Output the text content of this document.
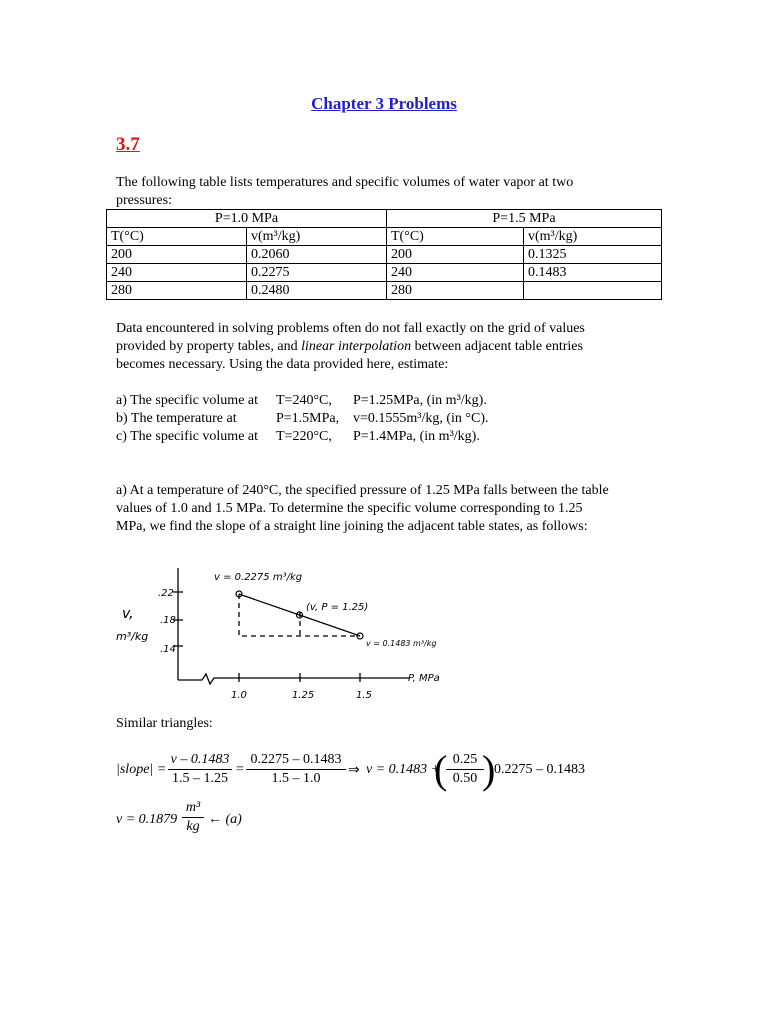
Chapter 3 Problems
3.7
The following table lists temperatures and specific volumes of water vapor at two
pressures:
P=1.0 MPa		P=1.5 MPa	
T(°C)	v(m³/kg)	T(°C)	v(m³/kg)
200	0.2060	200	0.1325
240	0.2275	240	0.1483
280	0.2480	280	
Data encountered in solving problems often do not fall exactly on the grid of values
provided by property tables, and linear interpolation between adjacent table entries
becomes necessary. Using the data provided here, estimate:
a) The specific volume at T=240°C, P=1.25MPa, (in m³/kg).
b) The temperature at	P=1.5MPa, v=0.1555m³/kg, (in °C).
c) The specific volume at T=220°C, P=1.4MPa, (in m³/kg).
a) At a temperature of 240°C, the specified pressure of 1.25 MPa falls between the table
values of 1.0 and 1.5 MPa. To determine the specific volume corresponding to 1.25
MPa, we find the slope of a straight line joining the adjacent table states, as follows:
v,
m³/kg
.22
.18
.14
1.0	1.25	1.5
P, MPa
v = 0.2275 m³/kg
(v, P = 1.25)
v = 0.1483 m³/kg
Similar triangles:
|slope| =
v – 0.1483
1.5 – 1.25
=
0.2275 – 0.1483
1.5 – 1.0
⇒ v = 0.1483 +
( 0.25
0.50 )
0.2275 – 0.1483
v = 0.1879
m³
kg ← (a)
